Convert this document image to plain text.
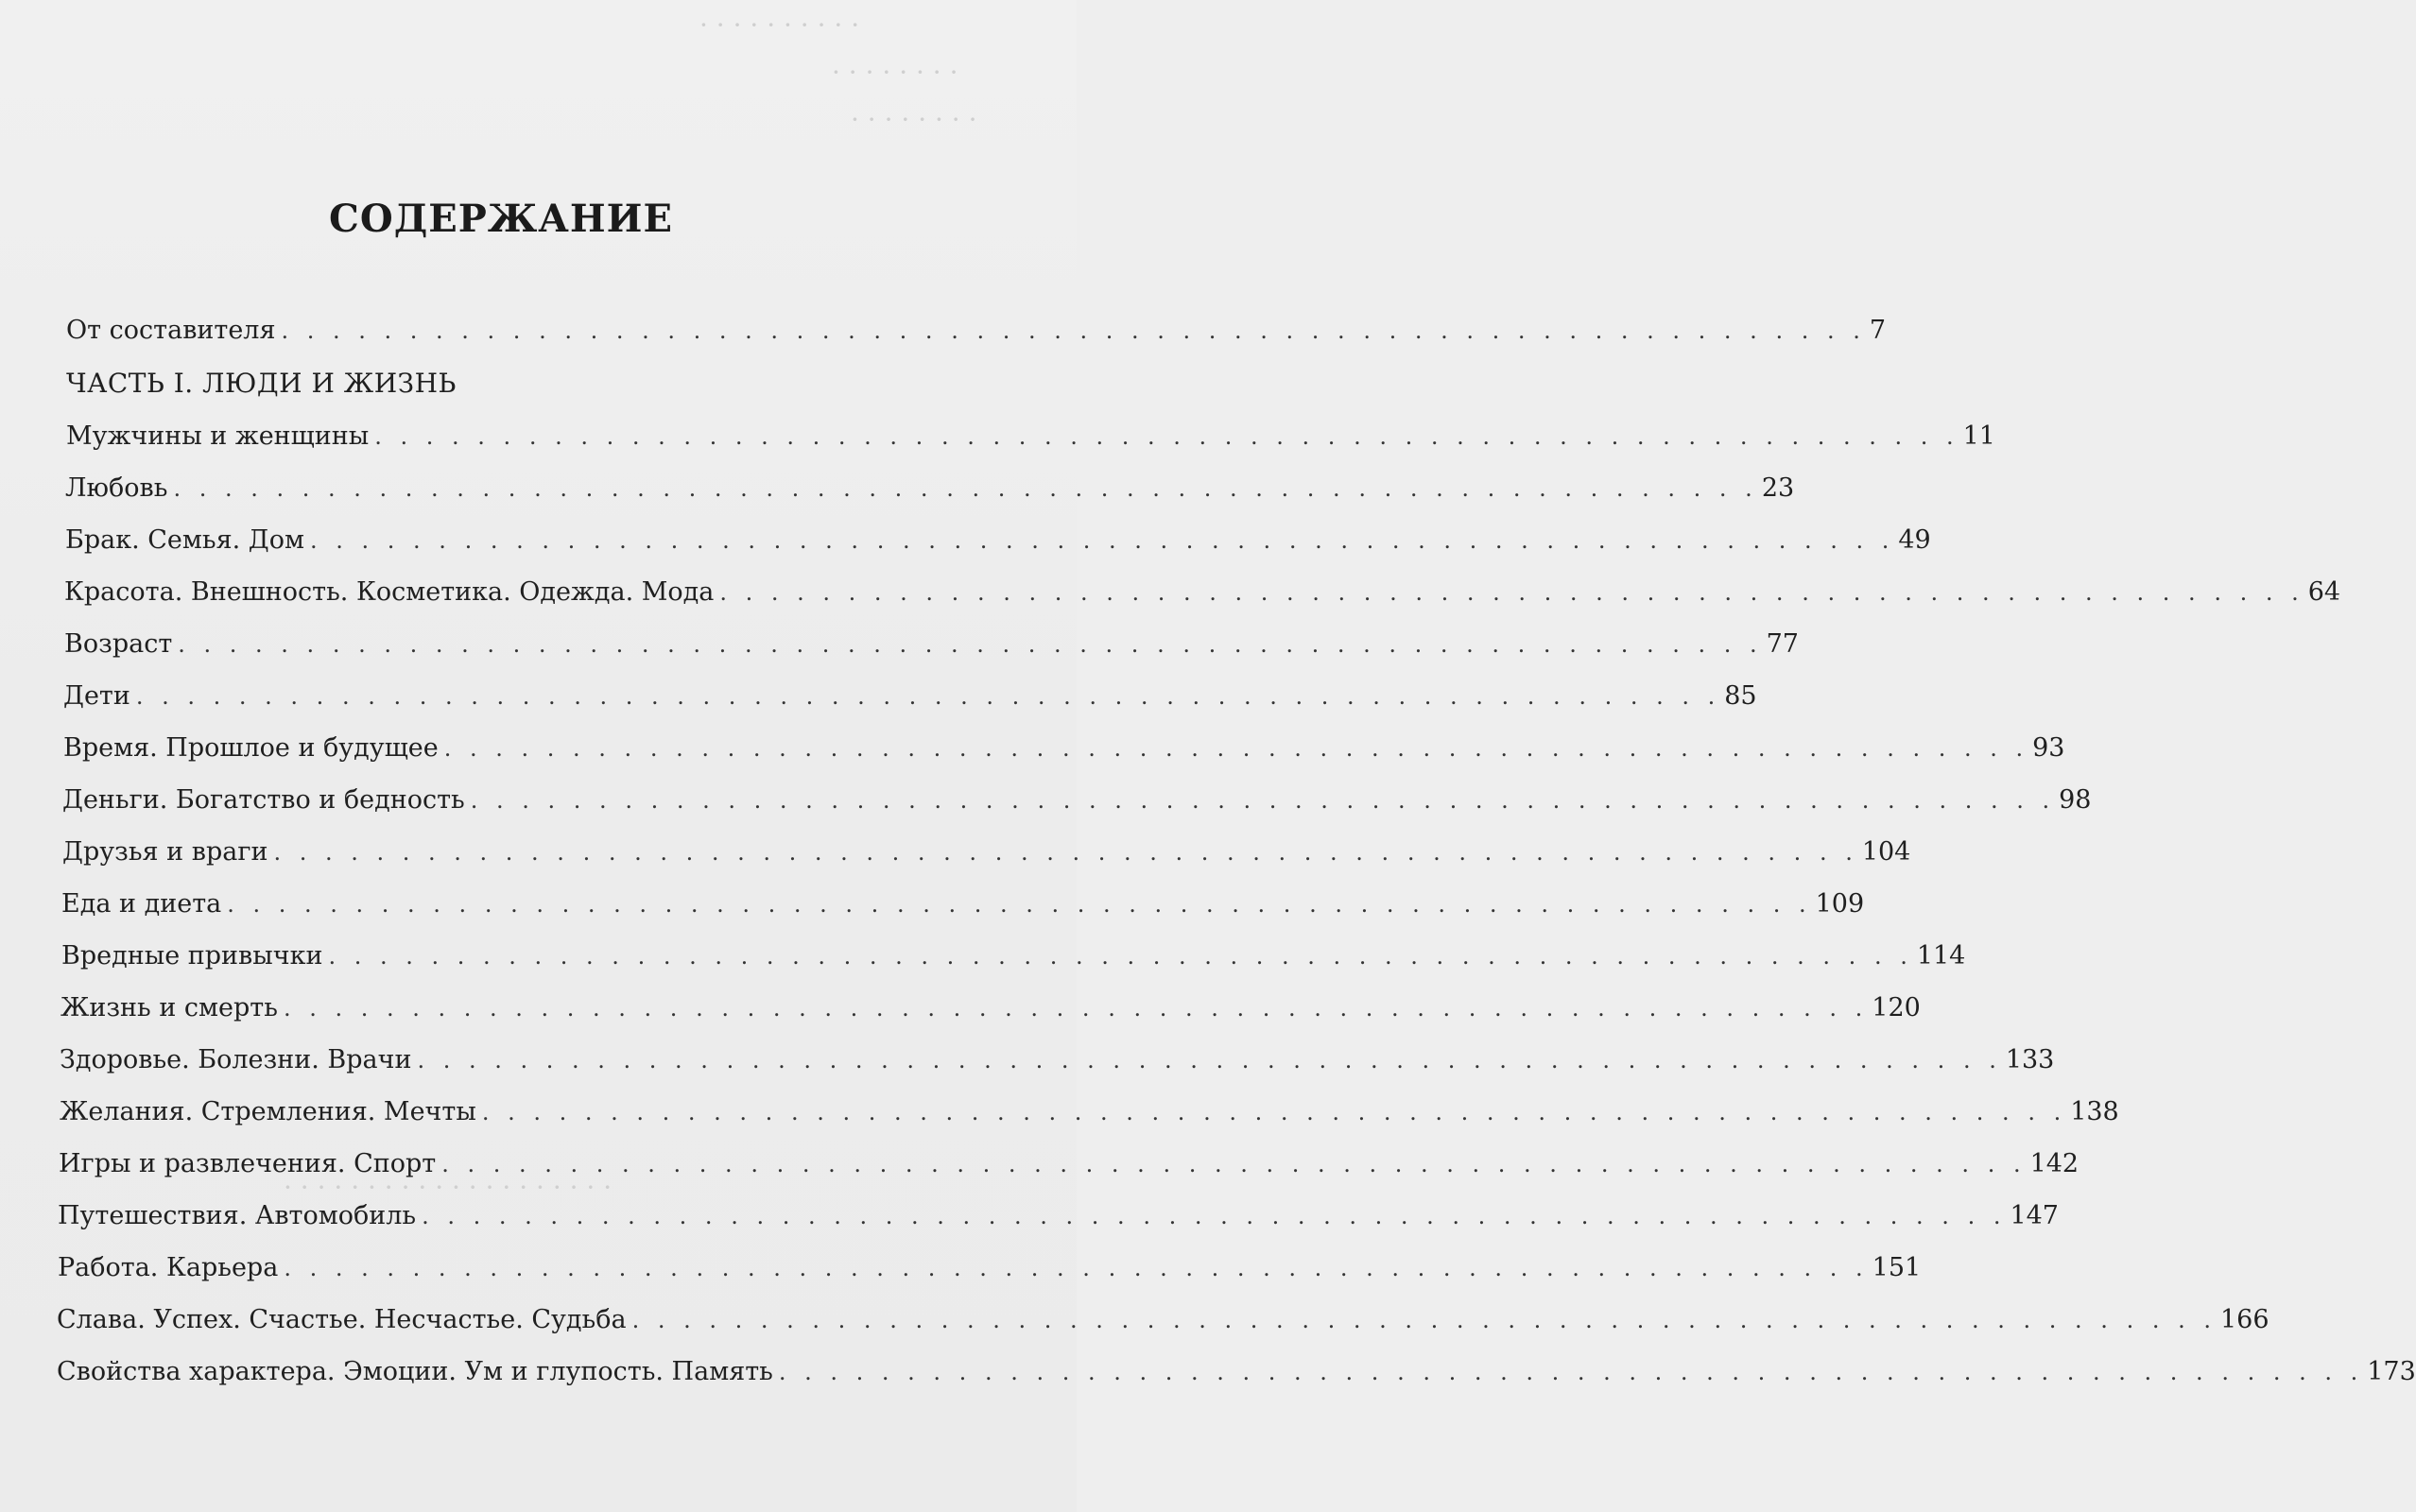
· · · · · · · · · ·
· · · · · · · ·
· · · · · · · ·
· · · · · · · · · · · · · · · · · · · ·
СОДЕРЖАНИЕ
От составителя . . . . . . . . . . . . . . . . . . . . . . . . . . . . . . . . . . . . . . . . . . . . . . . . . . . . . . . . . . . . . . 7
ЧАСТЬ I. ЛЮДИ И ЖИЗНЬ
Мужчины и женщины . . . . . . . . . . . . . . . . . . . . . . . . . . . . . . . . . . . . . . . . . . . . . . . . . . . . . . . . . . . . . . 11
Любовь . . . . . . . . . . . . . . . . . . . . . . . . . . . . . . . . . . . . . . . . . . . . . . . . . . . . . . . . . . . . . . 23
Брак. Семья. Дом . . . . . . . . . . . . . . . . . . . . . . . . . . . . . . . . . . . . . . . . . . . . . . . . . . . . . . . . . . . . . . 49
Красота. Внешность. Косметика. Одежда. Мода . . . . . . . . . . . . . . . . . . . . . . . . . . . . . . . . . . . . . . . . . . . . . . . . . . . . . . . . . . . . . . 64
Возраст . . . . . . . . . . . . . . . . . . . . . . . . . . . . . . . . . . . . . . . . . . . . . . . . . . . . . . . . . . . . . . 77
Дети . . . . . . . . . . . . . . . . . . . . . . . . . . . . . . . . . . . . . . . . . . . . . . . . . . . . . . . . . . . . . . 85
Время. Прошлое и будущее . . . . . . . . . . . . . . . . . . . . . . . . . . . . . . . . . . . . . . . . . . . . . . . . . . . . . . . . . . . . . . 93
Деньги. Богатство и бедность . . . . . . . . . . . . . . . . . . . . . . . . . . . . . . . . . . . . . . . . . . . . . . . . . . . . . . . . . . . . . . 98
Друзья и враги . . . . . . . . . . . . . . . . . . . . . . . . . . . . . . . . . . . . . . . . . . . . . . . . . . . . . . . . . . . . . . 104
Еда и диета . . . . . . . . . . . . . . . . . . . . . . . . . . . . . . . . . . . . . . . . . . . . . . . . . . . . . . . . . . . . . . 109
Вредные привычки . . . . . . . . . . . . . . . . . . . . . . . . . . . . . . . . . . . . . . . . . . . . . . . . . . . . . . . . . . . . . . 114
Жизнь и смерть . . . . . . . . . . . . . . . . . . . . . . . . . . . . . . . . . . . . . . . . . . . . . . . . . . . . . . . . . . . . . . 120
Здоровье. Болезни. Врачи . . . . . . . . . . . . . . . . . . . . . . . . . . . . . . . . . . . . . . . . . . . . . . . . . . . . . . . . . . . . . . 133
Желания. Стремления. Мечты . . . . . . . . . . . . . . . . . . . . . . . . . . . . . . . . . . . . . . . . . . . . . . . . . . . . . . . . . . . . . . 138
Игры и развлечения. Спорт . . . . . . . . . . . . . . . . . . . . . . . . . . . . . . . . . . . . . . . . . . . . . . . . . . . . . . . . . . . . . . 142
Путешествия. Автомобиль . . . . . . . . . . . . . . . . . . . . . . . . . . . . . . . . . . . . . . . . . . . . . . . . . . . . . . . . . . . . . . 147
Работа. Карьера . . . . . . . . . . . . . . . . . . . . . . . . . . . . . . . . . . . . . . . . . . . . . . . . . . . . . . . . . . . . . . 151
Слава. Успех. Счастье. Несчастье. Судьба . . . . . . . . . . . . . . . . . . . . . . . . . . . . . . . . . . . . . . . . . . . . . . . . . . . . . . . . . . . . . . 166
Свойства характера. Эмоции. Ум и глупость. Память . . . . . . . . . . . . . . . . . . . . . . . . . . . . . . . . . . . . . . . . . . . . . . . . . . . . . . . . . . . . . . 173
